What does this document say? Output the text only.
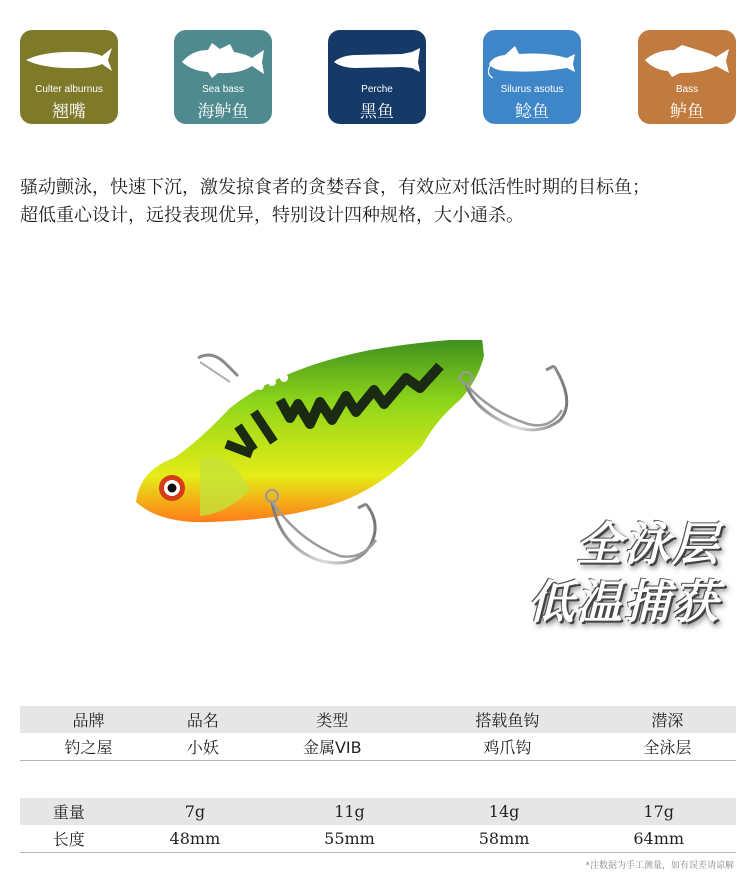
Culter alburnus
翘嘴
Sea bass
海鲈鱼
Perche
黑鱼
Silurus asotus
鲶鱼
Bass
鲈鱼

骚动颤泳，快速下沉，激发掠食者的贪婪吞食，有效应对低活性时期的目标鱼；

超低重心设计，远投表现优异，特别设计四种规格，大小通杀。

全泳层
低温捕获
品牌	品名	类型	搭载鱼钩	潜深
钓之屋	小妖	金属VIB	鸡爪钩	全泳层
重量	7g	11g	14g	17g
长度	48mm	55mm	58mm	64mm
*注数据为手工测量，如有误差请谅解
